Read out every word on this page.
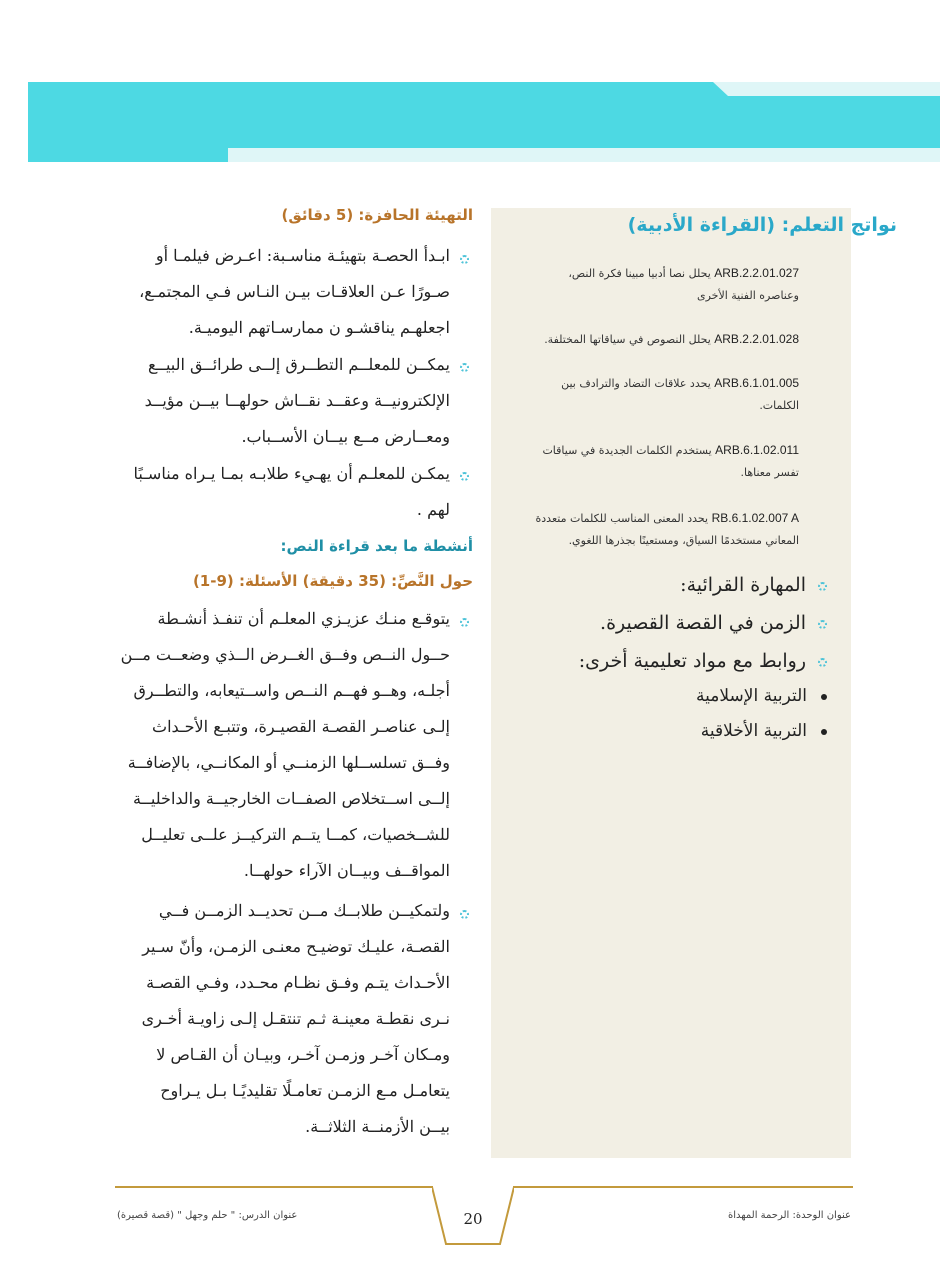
نواتج التعلم: (القراءة الأدبية)
ARB.2.2.01.027 يحلل نصا أدبيا مبينا فكرة النص،
وعناصره الفنية الأخرى
ARB.2.2.01.028 يحلل النصوص في سياقاتها المختلفة.
ARB.6.1.01.005 يحدد علاقات التضاد والترادف بين
الكلمات.
ARB.6.1.02.011 يستخدم الكلمات الجديدة في سياقات
تفسر معناها.
RB.6.1.02.007 A يحدد المعنى المناسب للكلمات متعددة
المعاني مستخدمًا السياق، ومستعينًا بجذرها اللغوي.
المهارة القرائية:
الزمن في القصة القصيرة.
روابط مع مواد تعليمية أخرى:
التربية الإسلامية
التربية الأخلاقية
التهيئة الحافزة: (5 دقائق)
ابـدأ الحصـة بتهيئـة مناسـبة: اعـرض فيلمـا أو
صـورًا عـن العلاقـات بيـن النـاس فـي المجتمـع،
اجعلهـم يناقشـو ن ممارسـاتهم اليوميـة.
يمكــن للمعلــم التطــرق إلــى طرائــق البيــع
الإلكترونيــة وعقــد نقــاش حولهــا بيــن مؤيــد
ومعــارض مــع بيــان الأســباب.
يمكـن للمعلـم أن يهـيء طلابـه بمـا يـراه مناسـبًا
لهم .
أنشطة ما بعد قراءة النص:
حول النَّصِّ: (35 دقيقة) الأسئلة: (9-1)
يتوقـع منـك عزيـزي المعلـم أن تنفـذ أنشـطة
حــول النــص وفــق الغــرض الــذي وضعــت مــن
أجلـه، وهــو فهــم النــص واســتيعابه، والتطــرق
إلـى عناصـر القصـة القصيـرة، وتتبـع الأحـداث
وفــق تسلســلها الزمنــي أو المكانــي، بالإضافــة
إلــى اســتخلاص الصفــات الخارجيــة والداخليــة
للشــخصيات، كمــا يتــم التركيــز علــى تعليــل
المواقــف وبيــان الآراء حولهــا.
ولتمكيــن طلابــك مــن تحديــد الزمــن فــي
القصـة، عليـك توضيـح معنـى الزمـن، وأنّ سـير
الأحـداث يتـم وفـق نظـام محـدد، وفـي القصـة
نـرى نقطـة معينـة ثـم تنتقـل إلـى زاويـة أخـرى
ومـكان آخـر وزمـن آخـر، وبيـان أن القـاص لا
يتعامـل مـع الزمـن تعامـلًا تقليديًـا بـل يـراوح
بيــن الأزمنــة الثلاثــة.
20
عنوان الدرس: " حلم وجهل " (قصة قصيرة)	عنوان الوحدة: الرحمة المهداة
